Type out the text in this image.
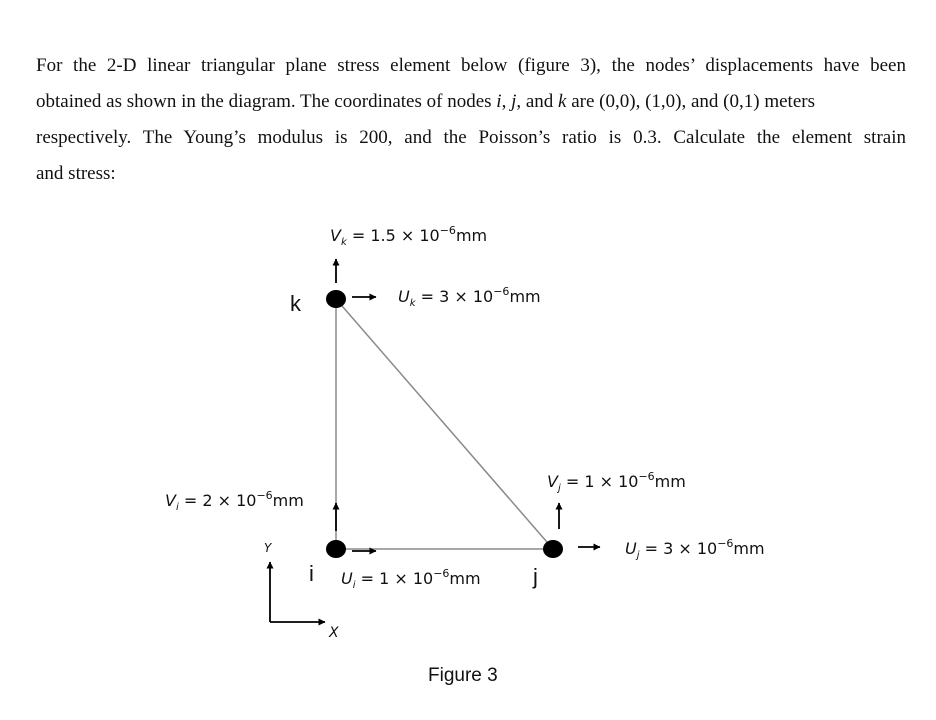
For the 2-D linear triangular plane stress element below (figure 3), the nodes’ displacements have been
obtained as shown in the diagram. The coordinates of nodes i, j, and k are (0,0), (1,0), and (0,1) meters
respectively. The Young’s modulus is 200, and the Poisson’s ratio is 0.3. Calculate the element strain
and stress:

k
$V_k = 1.5 \times 10^{-6}mm$
$U_k = 3 \times 10^{-6}mm$
i
$V_i = 2 \times 10^{-6}mm$
$U_i = 1 \times 10^{-6}mm$ j
$V_j = 1 \times 10^{-6}mm$
$U_j = 3 \times 10^{-6}mm$
Y
X
Figure 3
